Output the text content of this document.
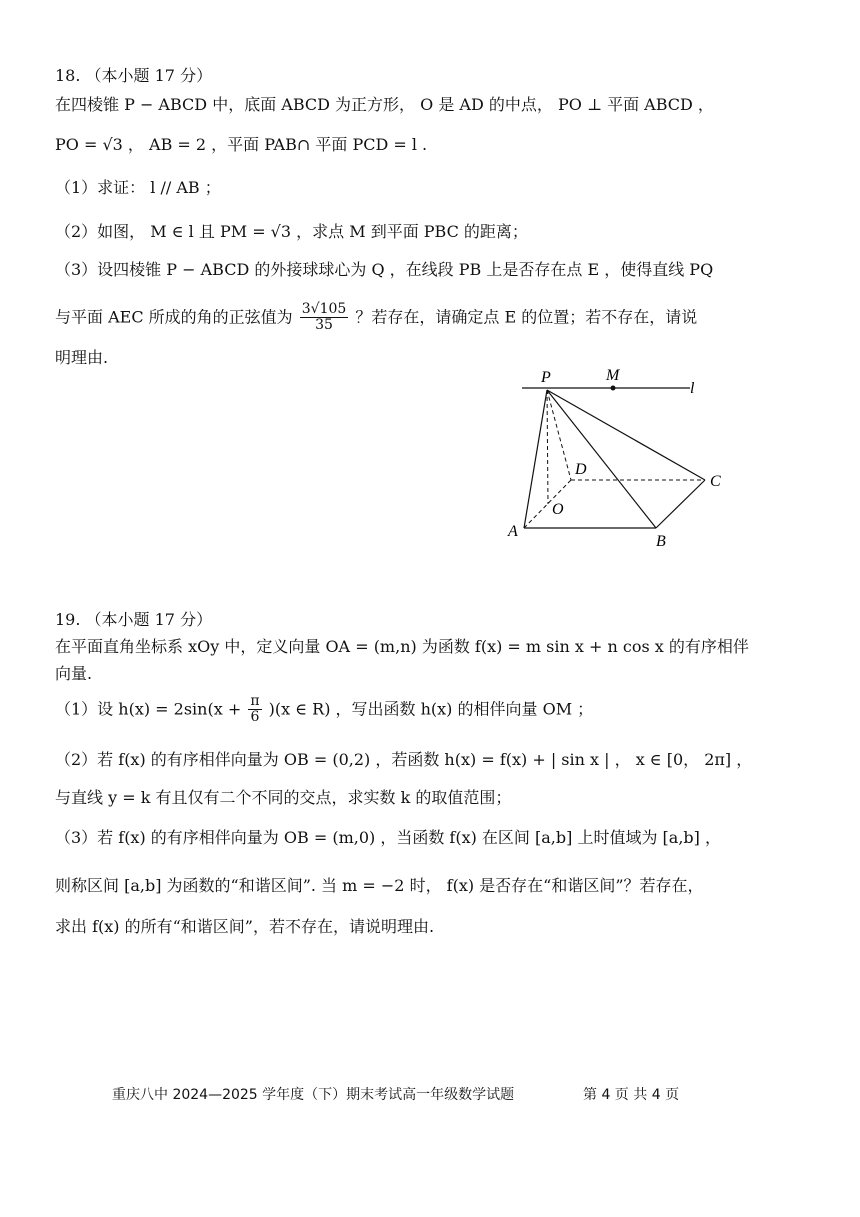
18. （本小题 17 分）
在四棱锥 P − ABCD 中，底面 ABCD 为正方形， O 是 AD 的中点， PO ⊥ 平面 ABCD ，
PO = √3 ， AB = 2 ，平面 PAB∩ 平面 PCD = l .
（1）求证： l // AB ；
（2）如图， M ∈ l 且 PM = √3 ，求点 M 到平面 PBC 的距离；
（3）设四棱锥 P − ABCD 的外接球球心为 Q ，在线段 PB 上是否存在点 E ，使得直线 PQ
与平面 AEC 所成的角的正弦值为 $\frac{3√105}{35}$ ？若存在，请确定点 E 的位置；若不存在，请说
明理由.
P	M
l
D
C
O
A
B
19. （本小题 17 分）
在平面直角坐标系 xOy 中，定义向量 OA = (m,n) 为函数 f(x) = m sin x + n cos x 的有序相伴
向量.
（1）设 $h(x) = 2\sin(x + \frac{\pi}{6} )(x$ ∈ R) ，写出函数 h(x) 的相伴向量 OM ；
（2）若 f(x) 的有序相伴向量为 OB = (0,2) ，若函数 h(x) = f(x) + | sin x | ， x ∈ [0， 2π] ，
与直线 y = k 有且仅有二个不同的交点，求实数 k 的取值范围；
（3）若 f(x) 的有序相伴向量为 OB = (m,0) ，当函数 f(x) 在区间 [a,b] 上时值域为 [a,b] ，
则称区间 [a,b] 为函数的“和谐区间”. 当 m = −2 时， f(x) 是否存在“和谐区间”？若存在，
求出 f(x) 的所有“和谐区间”，若不存在，请说明理由.
重庆八中 2024—2025 学年度（下）期末考试高一年级数学试题	第 4 页 共 4 页
